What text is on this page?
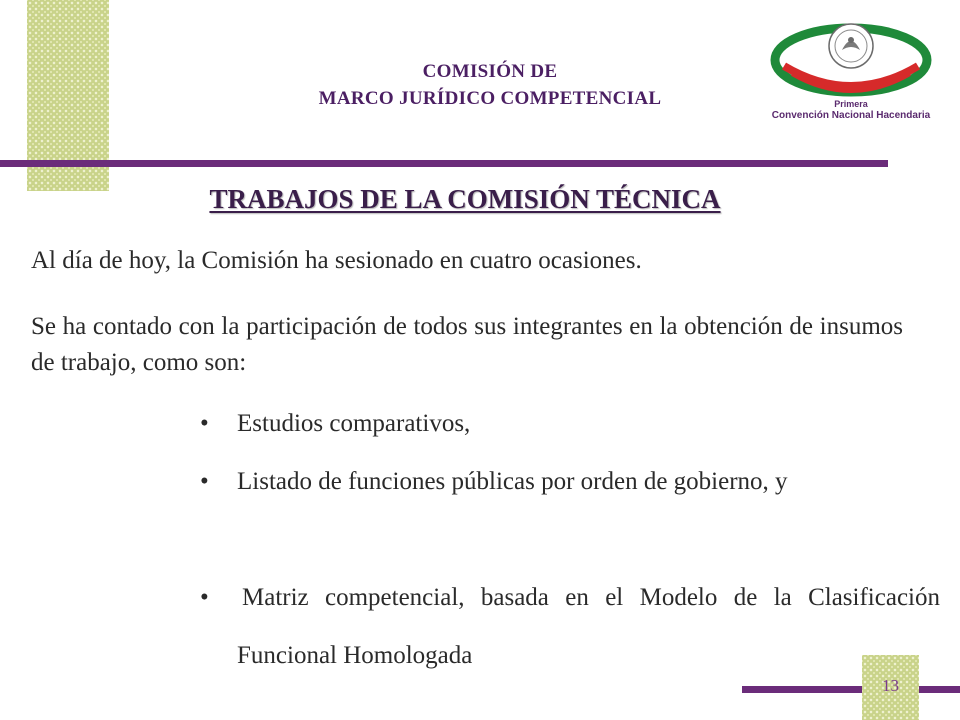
COMISIÓN DE
MARCO JURÍDICO COMPETENCIAL	Primera
Convención Nacional Hacendaria
TRABAJOS DE LA COMISIÓN TÉCNICA
Al día de hoy, la Comisión ha sesionado en cuatro ocasiones.
Se ha contado con la participación de todos sus integrantes en la obtención de insumos de trabajo, como son:
•	Estudios comparativos,
•	Listado de funciones públicas por orden de gobierno, y
•	Matriz competencial, basada en el Modelo de la Clasificación Funcional Homologada
13
